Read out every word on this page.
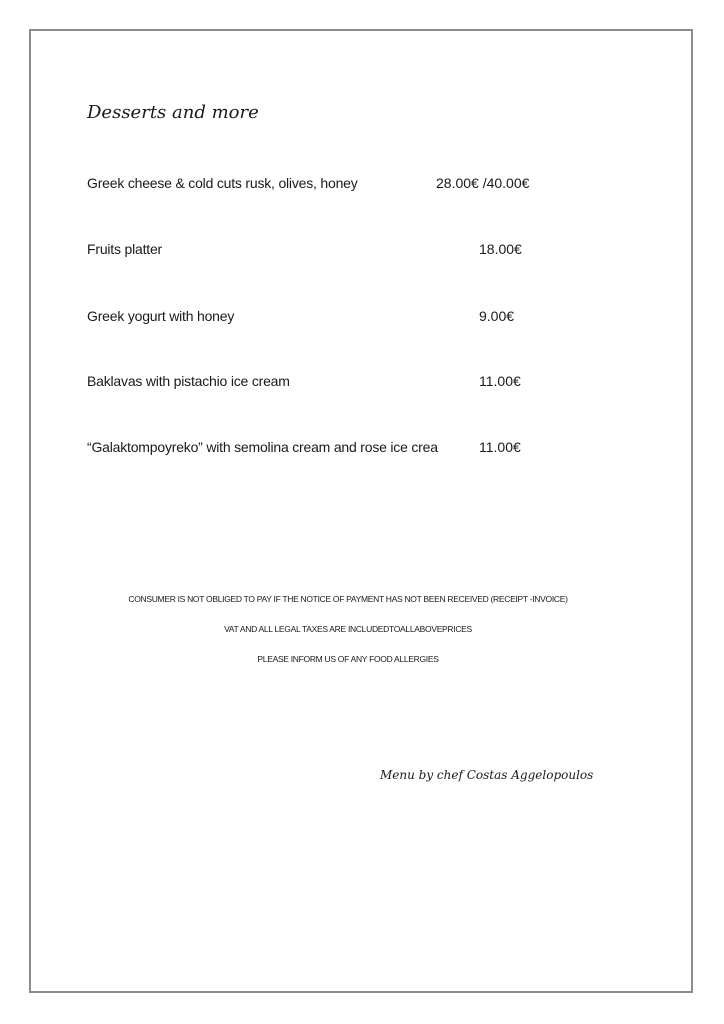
Desserts and more
Greek cheese & cold cuts rusk, olives, honey	28.00€ /40.00€
Fruits platter	18.00€
Greek yogurt with honey	9.00€
Baklavas with pistachio ice cream	11.00€
“Galaktompoyreko” with semolina cream and rose ice crea	11.00€
CONSUMER IS NOT OBLIGED TO PAY IF THE NOTICE OF PAYMENT HAS NOT BEEN RECEIVED (RECEIPT -INVOICE)
VAT AND ALL LEGAL TAXES ARE INCLUDEDTOALLABOVEPRICES
PLEASE INFORM US OF ANY FOOD ALLERGIES
Menu by chef Costas Aggelopoulos
